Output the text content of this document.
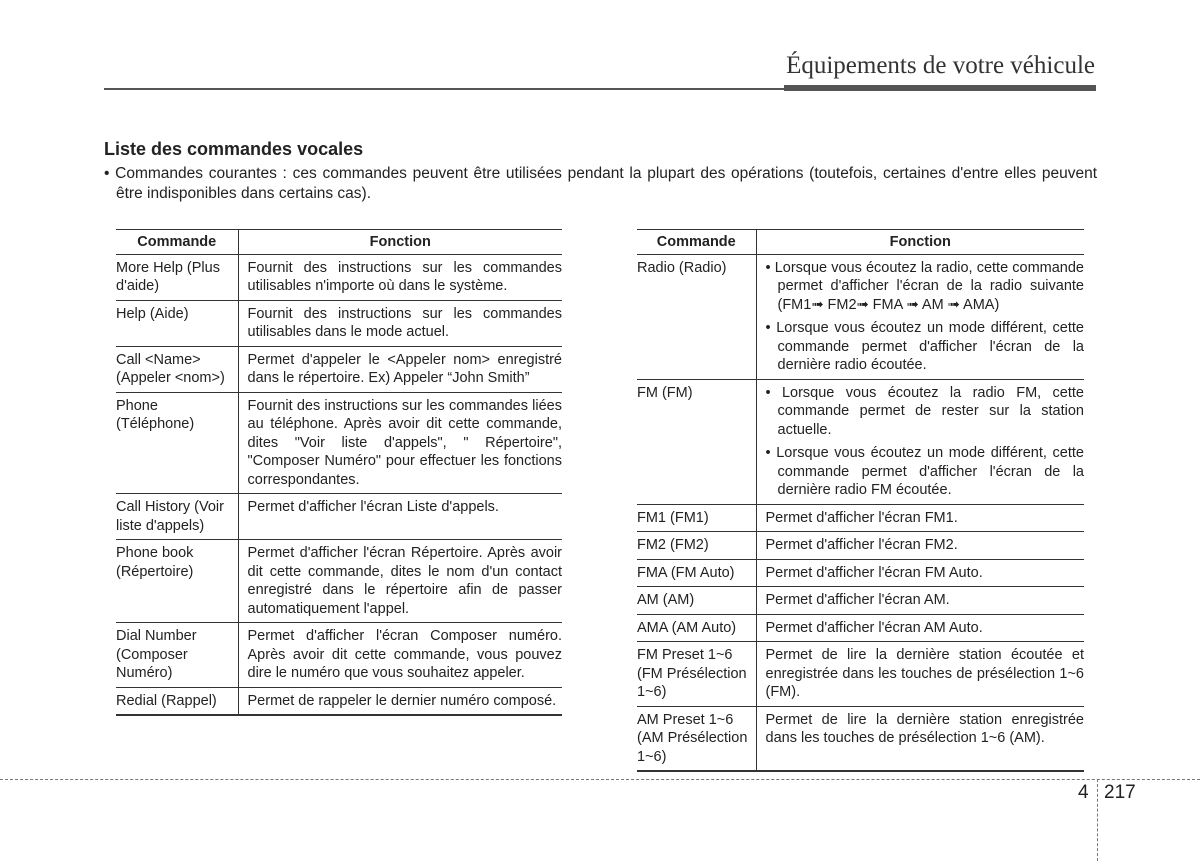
Équipements de votre véhicule
Liste des commandes vocales
• Commandes courantes : ces commandes peuvent être utilisées pendant la plupart des opérations (toutefois, certaines d'entre elles peuvent être indisponibles dans certains cas).
Commande	Fonction
More Help (Plus d'aide)	Fournit des instructions sur les commandes utilisables n'importe où dans le système.
Help (Aide)	Fournit des instructions sur les commandes utilisables dans le mode actuel.
Call <Name> (Appeler <nom>)	Permet d'appeler le <Appeler nom> enregistré dans le répertoire. Ex) Appeler “John Smith”
Phone (Téléphone)	Fournit des instructions sur les commandes liées au téléphone. Après avoir dit cette commande, dites "Voir liste d'appels", " Répertoire", "Composer Numéro" pour effectuer les fonctions correspondantes.
Call History (Voir liste d'appels)	Permet d'afficher l'écran Liste d'appels.
Phone book (Répertoire)	Permet d'afficher l'écran Répertoire. Après avoir dit cette commande, dites le nom d'un contact enregistré dans le répertoire afin de passer automatiquement l'appel.
Dial Number (Composer Numéro)	Permet d'afficher l'écran Composer numéro. Après avoir dit cette commande, vous pouvez dire le numéro que vous souhaitez appeler.
Redial (Rappel)	Permet de rappeler le dernier numéro composé.
Commande	Fonction
Radio (Radio)	• Lorsque vous écoutez la radio, cette commande permet d'afficher l'écran de la radio suivante (FM1➟ FM2➟ FMA ➟ AM ➟ AMA)
• Lorsque vous écoutez un mode différent, cette commande permet d'afficher l'écran de la dernière radio écoutée.

FM (FM)	• Lorsque vous écoutez la radio FM, cette commande permet de rester sur la station actuelle.
• Lorsque vous écoutez un mode différent, cette commande permet d'afficher l'écran de la dernière radio FM écoutée.

FM1 (FM1)	Permet d'afficher l'écran FM1.
FM2 (FM2)	Permet d'afficher l'écran FM2.
FMA (FM Auto)	Permet d'afficher l'écran FM Auto.
AM (AM)	Permet d'afficher l'écran AM.
AMA (AM Auto)	Permet d'afficher l'écran AM Auto.
FM Preset 1~6 (FM Présélection 1~6)	Permet de lire la dernière station écoutée et enregistrée dans les touches de présélection 1~6 (FM).
AM Preset 1~6 (AM Présélection 1~6)	Permet de lire la dernière station enregistrée dans les touches de présélection 1~6 (AM).
4 217
